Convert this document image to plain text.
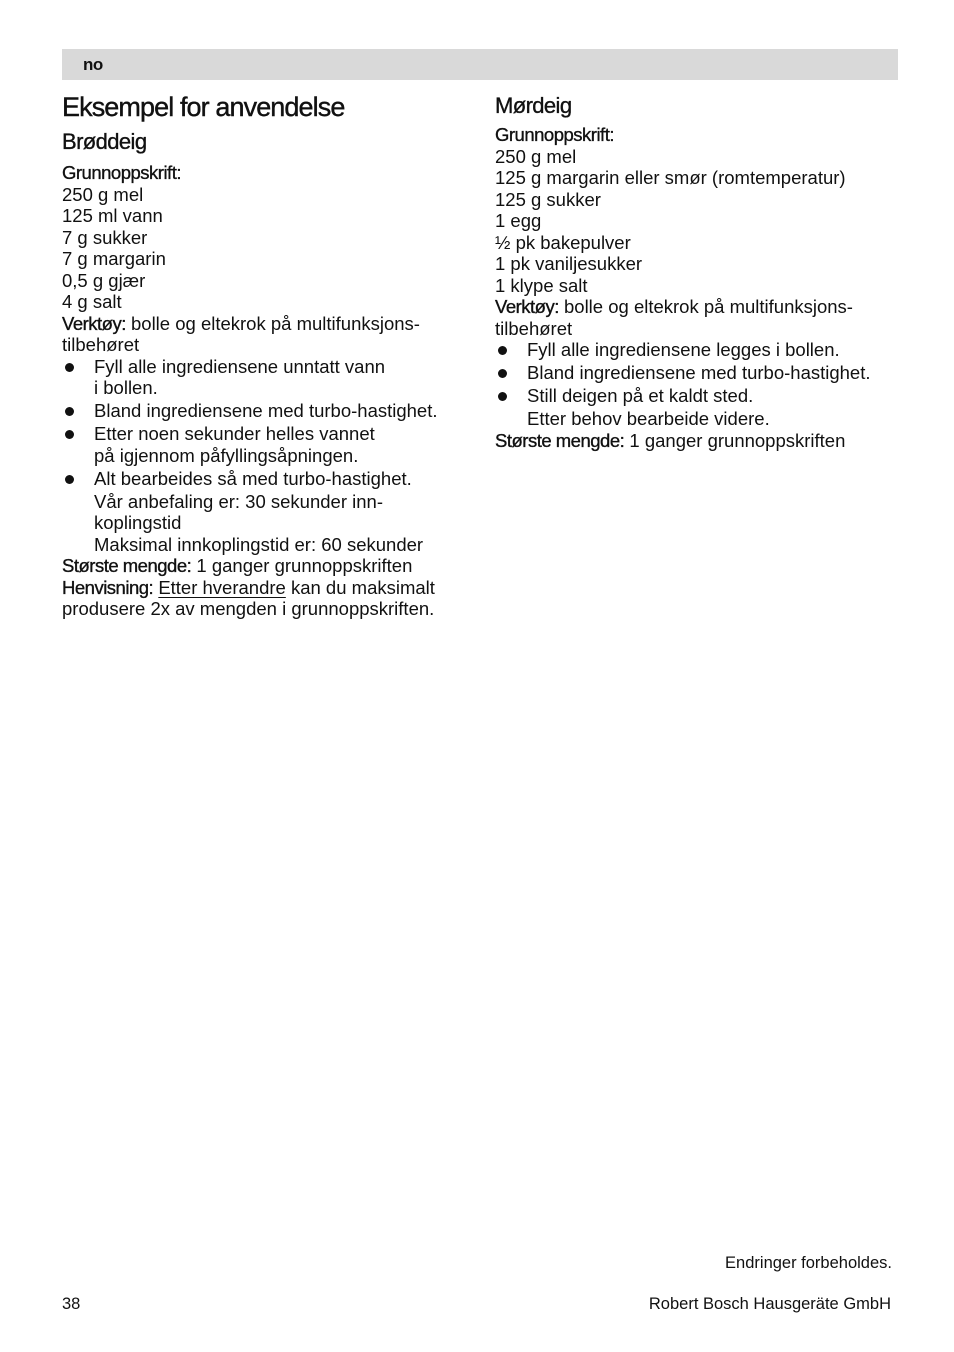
no
Eksempel for anvendelse
Brøddeig
Grunnoppskrift:
250 g mel
125 ml vann
7 g sukker
7 g margarin
0,5 g gjær
4 g salt
Verktøy: bolle og eltekrok på multifunksjons-
tilbehøret
Fyll alle ingrediensene unntatt vann
i bollen.
Bland ingrediensene med turbo-hastighet.
Etter noen sekunder helles vannet
på igjennom påfyllingsåpningen.
Alt bearbeides så med turbo-hastighet.
Vår anbefaling er: 30 sekunder inn-
koplingstid
Maksimal innkoplingstid er: 60 sekunder
Største mengde: 1 ganger grunnoppskriften
Henvisning: Etter hverandre kan du maksimalt
produsere 2x av mengden i grunnoppskriften.
Mørdeig
Grunnoppskrift:
250 g mel
125 g margarin eller smør (romtemperatur)
125 g sukker
1 egg
½ pk bakepulver
1 pk vaniljesukker
1 klype salt
Verktøy: bolle og eltekrok på multifunksjons-
tilbehøret
Fyll alle ingrediensene legges i bollen.
Bland ingrediensene med turbo-hastighet.
Still deigen på et kaldt sted.
Etter behov bearbeide videre.
Største mengde: 1 ganger grunnoppskriften
Endringer forbeholdes.
38	Robert Bosch Hausgeräte GmbH
